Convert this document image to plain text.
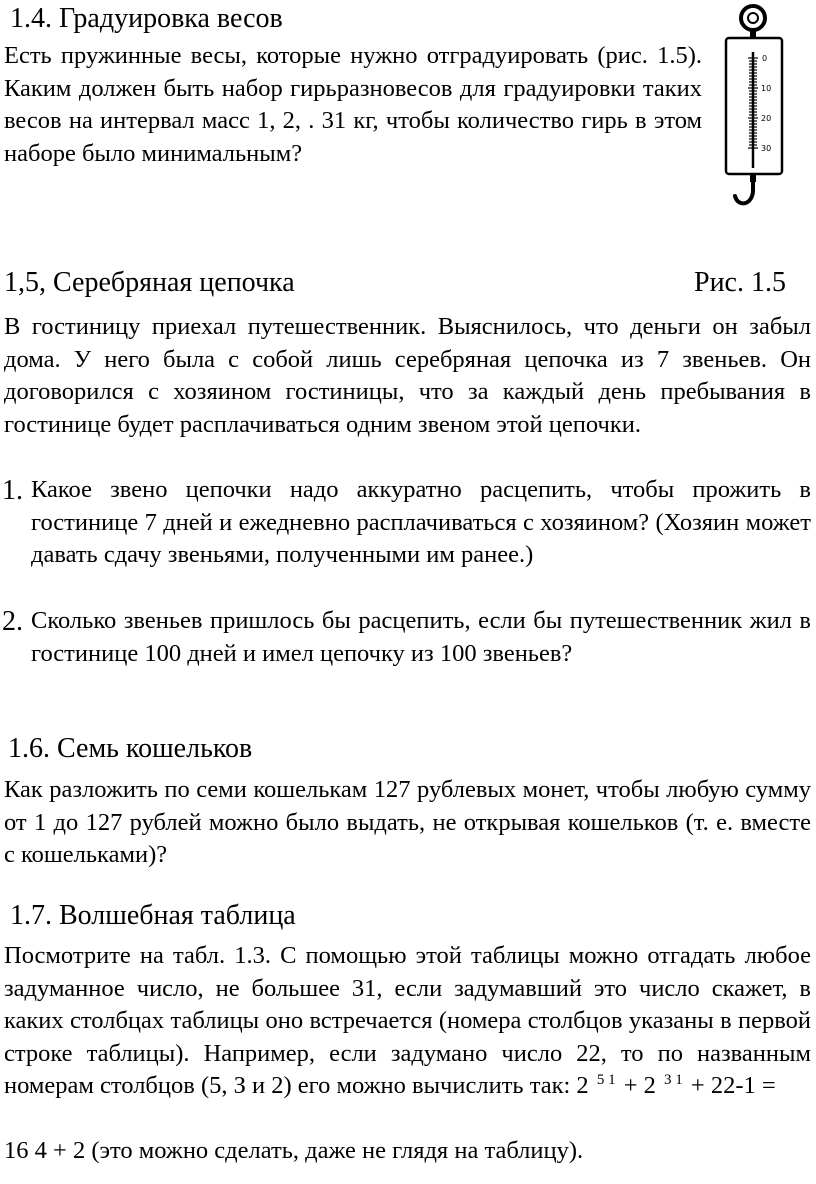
1.4. Градуировка весов
Есть пружинные весы, которые нужно отградуировать (рис. 1.5). Каким должен быть набор гирьразновесов для градуировки таких весов на интервал масс 1, 2, . 31 кг, чтобы количество гирь в этом наборе было минимальным?
0
10
20
30
1,5, Серебряная цепочка	Рис. 1.5
В гостиницу приехал путешественник. Выяснилось, что деньги он забыл дома. У него была с собой лишь серебряная цепочка из 7 звеньев. Он договорился с хозяином гостиницы, что за каждый день пребывания в гостинице будет расплачиваться одним звеном этой цепочки.
1. Какое звено цепочки надо аккуратно расцепить, чтобы прожить в гостинице 7 дней и ежедневно расплачиваться с хозяином? (Хозяин может давать сдачу звеньями, полученными им ранее.)
2. Сколько звеньев пришлось бы расцепить, если бы путешественник жил в гостинице 100 дней и имел цепочку из 100 звеньев?
1.6. Семь кошельков
Как разложить по семи кошелькам 127 рублевых монет, чтобы любую сумму от 1 до 127 рублей можно было выдать, не открывая кошельков (т. е. вместе с кошельками)?
1.7. Волшебная таблица
Посмотрите на табл. 1.3. С помощью этой таблицы можно отгадать любое задуманное число, не большее 31, если задумавший это число скажет, в каких столбцах таблицы оно встречается (номера столбцов указаны в первой строке таблицы). Например, если задумано число 22, то по названным номерам столбцов (5, З и 2) его можно вычислить так: 2 $^{5 1}$ + 2 $^{3 1}$ + 22-1 =
16 4 + 2 (это можно сделать, даже не глядя на таблицу).
